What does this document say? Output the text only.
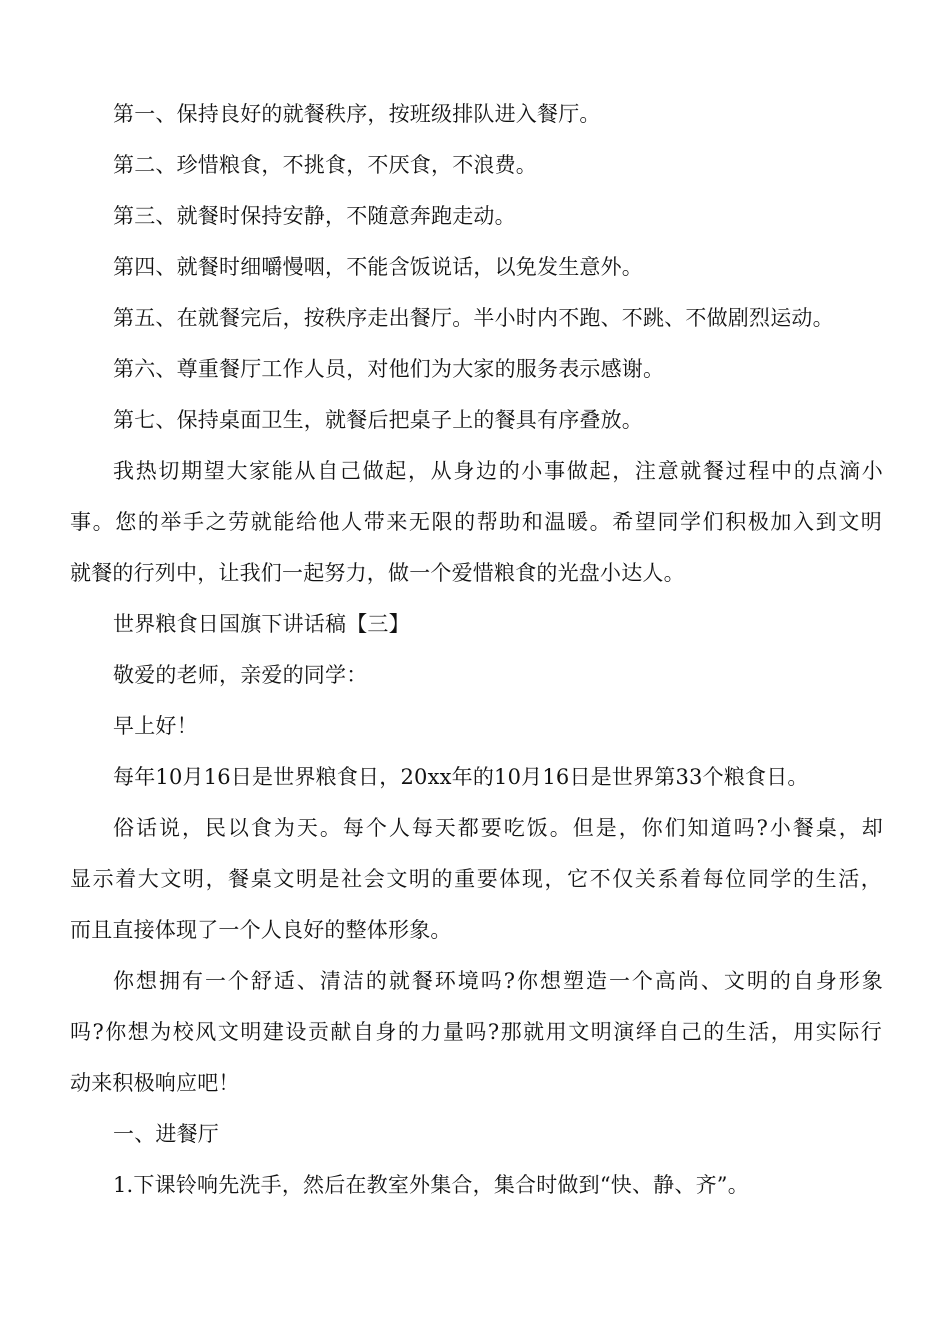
第一、保持良好的就餐秩序，按班级排队进入餐厅。
第二、珍惜粮食，不挑食，不厌食，不浪费。
第三、就餐时保持安静，不随意奔跑走动。
第四、就餐时细嚼慢咽，不能含饭说话，以免发生意外。
第五、在就餐完后，按秩序走出餐厅。半小时内不跑、不跳、不做剧烈运动。
第六、尊重餐厅工作人员，对他们为大家的服务表示感谢。
第七、保持桌面卫生，就餐后把桌子上的餐具有序叠放。
我热切期望大家能从自己做起，从身边的小事做起，注意就餐过程中的点滴小
事。您的举手之劳就能给他人带来无限的帮助和温暖。希望同学们积极加入到文明
就餐的行列中，让我们一起努力，做一个爱惜粮食的光盘小达人。
世界粮食日国旗下讲话稿【三】
敬爱的老师，亲爱的同学：
早上好！
每年10月16日是世界粮食日，20xx年的10月16日是世界第33个粮食日。
俗话说，民以食为天。每个人每天都要吃饭。但是，你们知道吗?小餐桌，却
显示着大文明，餐桌文明是社会文明的重要体现，它不仅关系着每位同学的生活，
而且直接体现了一个人良好的整体形象。
你想拥有一个舒适、清洁的就餐环境吗?你想塑造一个高尚、文明的自身形象
吗?你想为校风文明建设贡献自身的力量吗?那就用文明演绎自己的生活，用实际行
动来积极响应吧！
一、进餐厅
1.下课铃响先洗手，然后在教室外集合，集合时做到“快、静、齐”。
